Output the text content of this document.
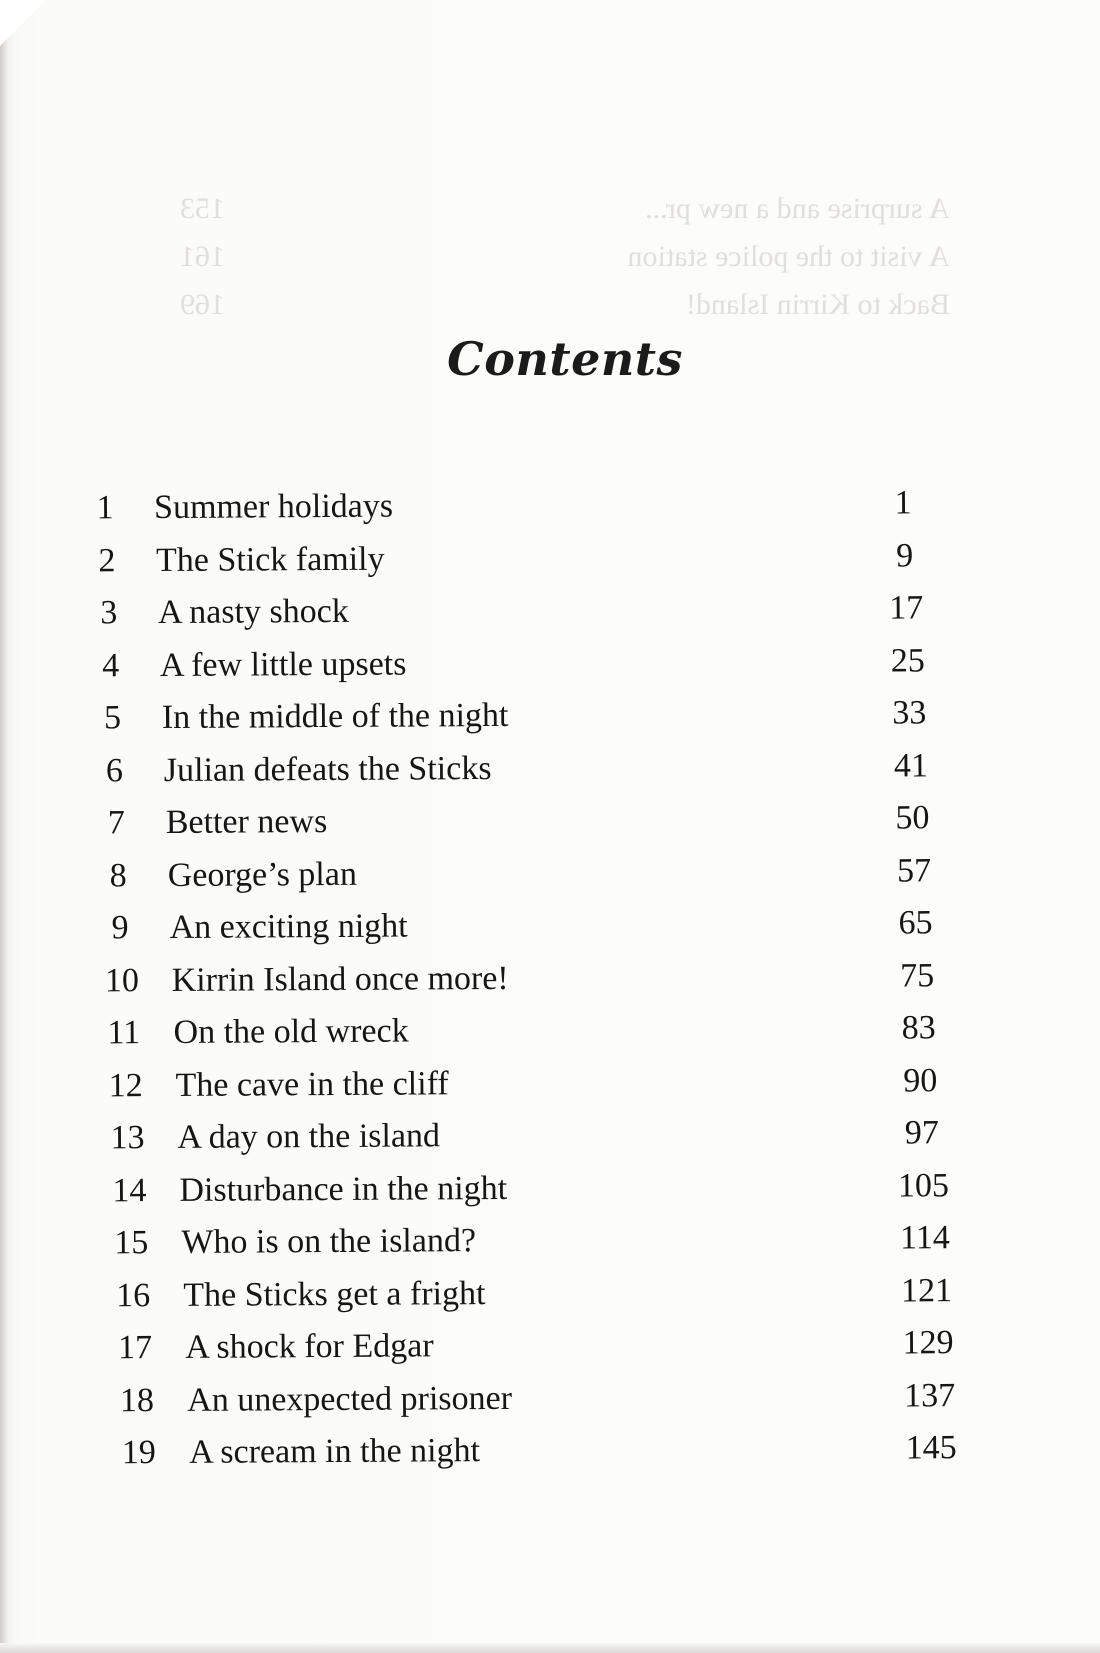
A surprise and a new pr...
153
A visit to the police station
161
Back to Kirrin Island!
169
Contents
1	Summer holidays	1
2	The Stick family	9
3	A nasty shock	17
4	A few little upsets	25
5	In the middle of the night	33
6	Julian defeats the Sticks	41
7	Better news	50
8	George’s plan	57
9	An exciting night	65
10 Kirrin Island once more!	75
11 On the old wreck	83
12 The cave in the cliff	90
13 A day on the island	97
14 Disturbance in the night	105
15 Who is on the island?	114
16 The Sticks get a fright	121
17 A shock for Edgar	129
18 An unexpected prisoner	137
19 A scream in the night	145
